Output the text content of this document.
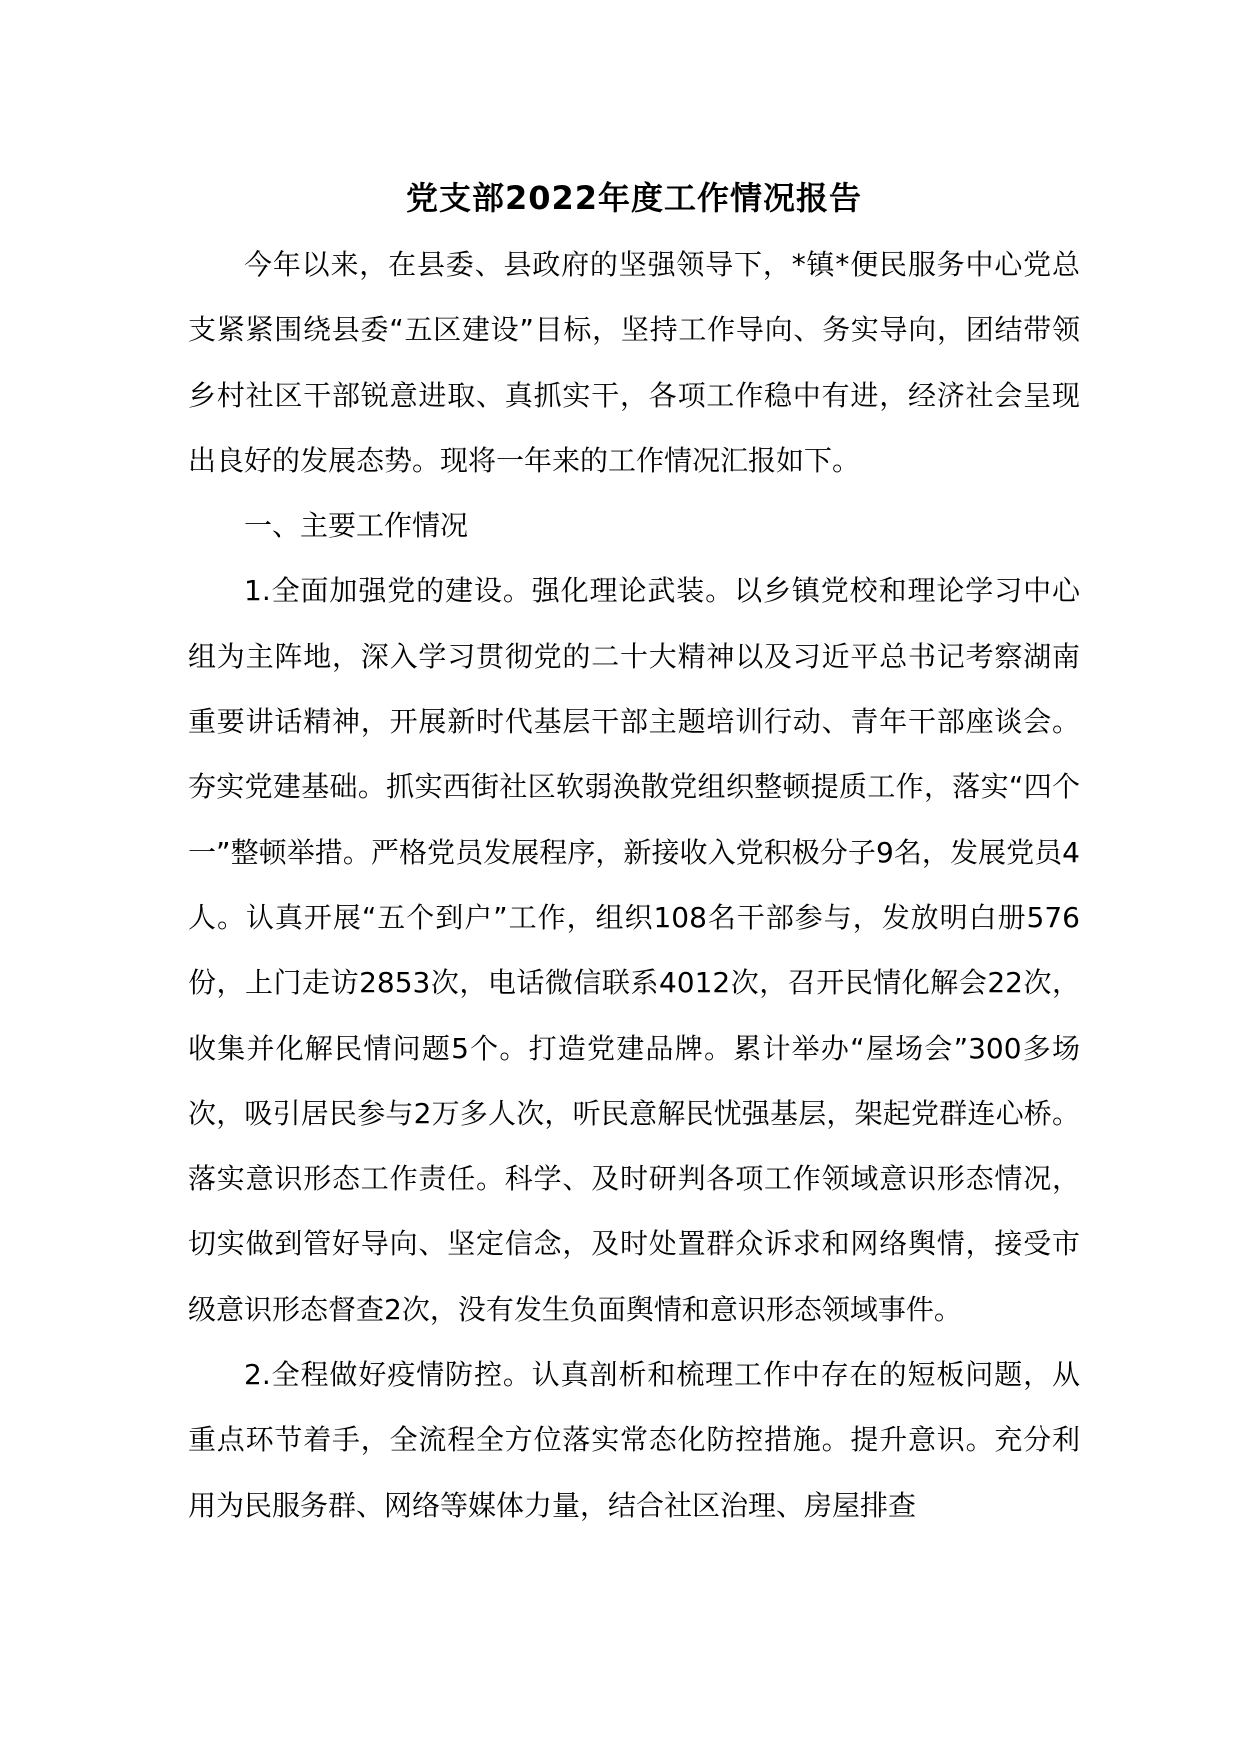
党支部2022年度工作情况报告

今年以来，在县委、县政府的坚强领导下，*镇*便民服务中心党总支紧紧围绕县委“五区建设”目标，坚持工作导向、务实导向，团结带领乡村社区干部锐意进取、真抓实干，各项工作稳中有进，经济社会呈现出良好的发展态势。现将一年来的工作情况汇报如下。

一、主要工作情况

1.全面加强党的建设。强化理论武装。以乡镇党校和理论学习中心组为主阵地，深入学习贯彻党的二十大精神以及习近平总书记考察湖南重要讲话精神，开展新时代基层干部主题培训行动、青年干部座谈会。夯实党建基础。抓实西街社区软弱涣散党组织整顿提质工作，落实“四个一”整顿举措。严格党员发展程序，新接收入党积极分子9名，发展党员4人。认真开展“五个到户”工作，组织108名干部参与，发放明白册576份，上门走访2853次，电话微信联系4012次，召开民情化解会22次，收集并化解民情问题5个。打造党建品牌。累计举办“屋场会”300多场次，吸引居民参与2万多人次，听民意解民忧强基层，架起党群连心桥。落实意识形态工作责任。科学、及时研判各项工作领域意识形态情况，切实做到管好导向、坚定信念，及时处置群众诉求和网络舆情，接受市级意识形态督查2次，没有发生负面舆情和意识形态领域事件。

2.全程做好疫情防控。认真剖析和梳理工作中存在的短板问题，从重点环节着手，全流程全方位落实常态化防控措施。提升意识。充分利用为民服务群、网络等媒体力量，结合社区治理、房屋排查
